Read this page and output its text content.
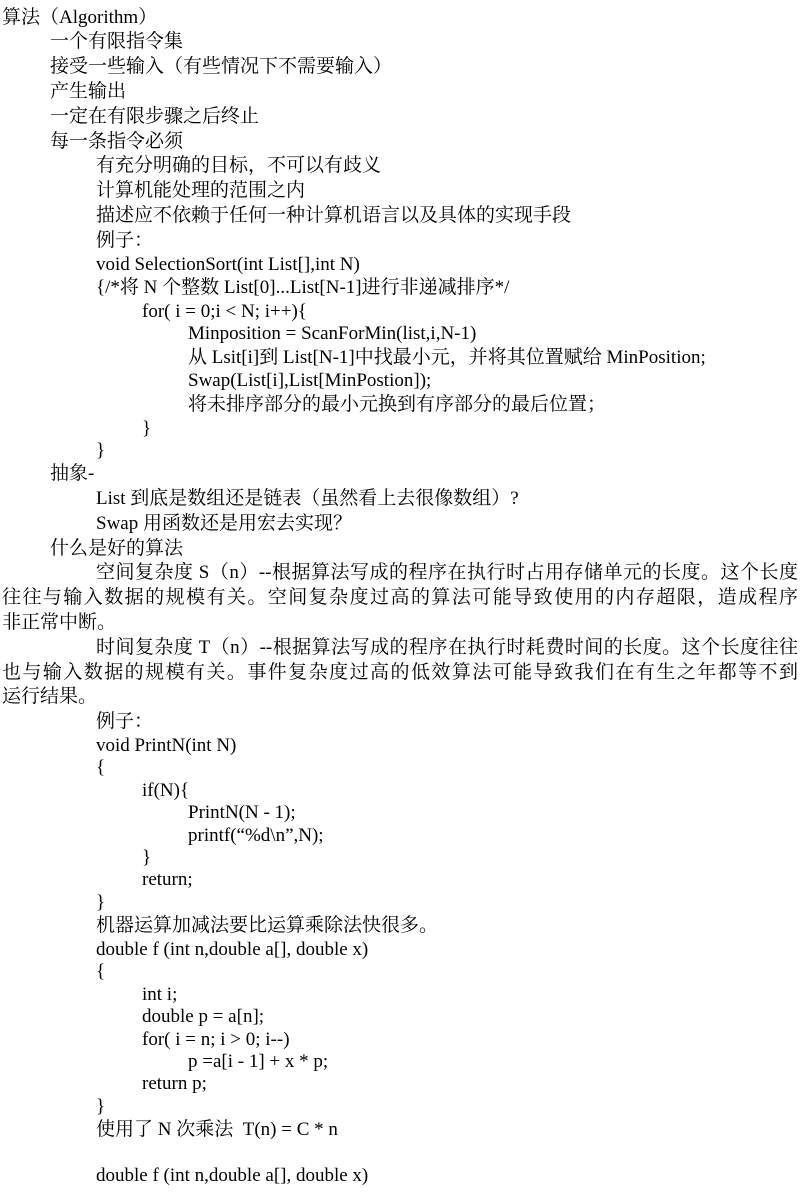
算法（Algorithm）
一个有限指令集
接受一些输入（有些情况下不需要输入）
产生输出
一定在有限步骤之后终止
每一条指令必须
有充分明确的目标，不可以有歧义
计算机能处理的范围之内
描述应不依赖于任何一种计算机语言以及具体的实现手段
例子：
void SelectionSort(int List[],int N)
{/*将 N 个整数 List[0]...List[N-1]进行非递减排序*/
for( i = 0;i < N; i++){
Minposition = ScanForMin(list,i,N-1)
从 Lsit[i]到 List[N-1]中找最小元，并将其位置赋给 MinPosition;
Swap(List[i],List[MinPostion]);
将未排序部分的最小元换到有序部分的最后位置；
}
}
抽象-
List 到底是数组还是链表（虽然看上去很像数组）?
Swap 用函数还是用宏去实现？
什么是好的算法
空间复杂度 S（n）--根据算法写成的程序在执行时占用存储单元的长度。这个长度
往往与输入数据的规模有关。空间复杂度过高的算法可能导致使用的内存超限，造成程序
非正常中断。
时间复杂度 T（n）--根据算法写成的程序在执行时耗费时间的长度。这个长度往往
也与输入数据的规模有关。事件复杂度过高的低效算法可能导致我们在有生之年都等不到
运行结果。
例子：
void PrintN(int N)
{
if(N){
PrintN(N - 1);
printf(“%d\n”,N);
}
return;
}
机器运算加减法要比运算乘除法快很多。
double f (int n,double a[], double x)
{
int i;
double p = a[n];
for( i = n; i > 0; i--)
p =a[i - 1] + x * p;
return p;
}
使用了 N 次乘法  T(n) = C * n
double f (int n,double a[], double x)
